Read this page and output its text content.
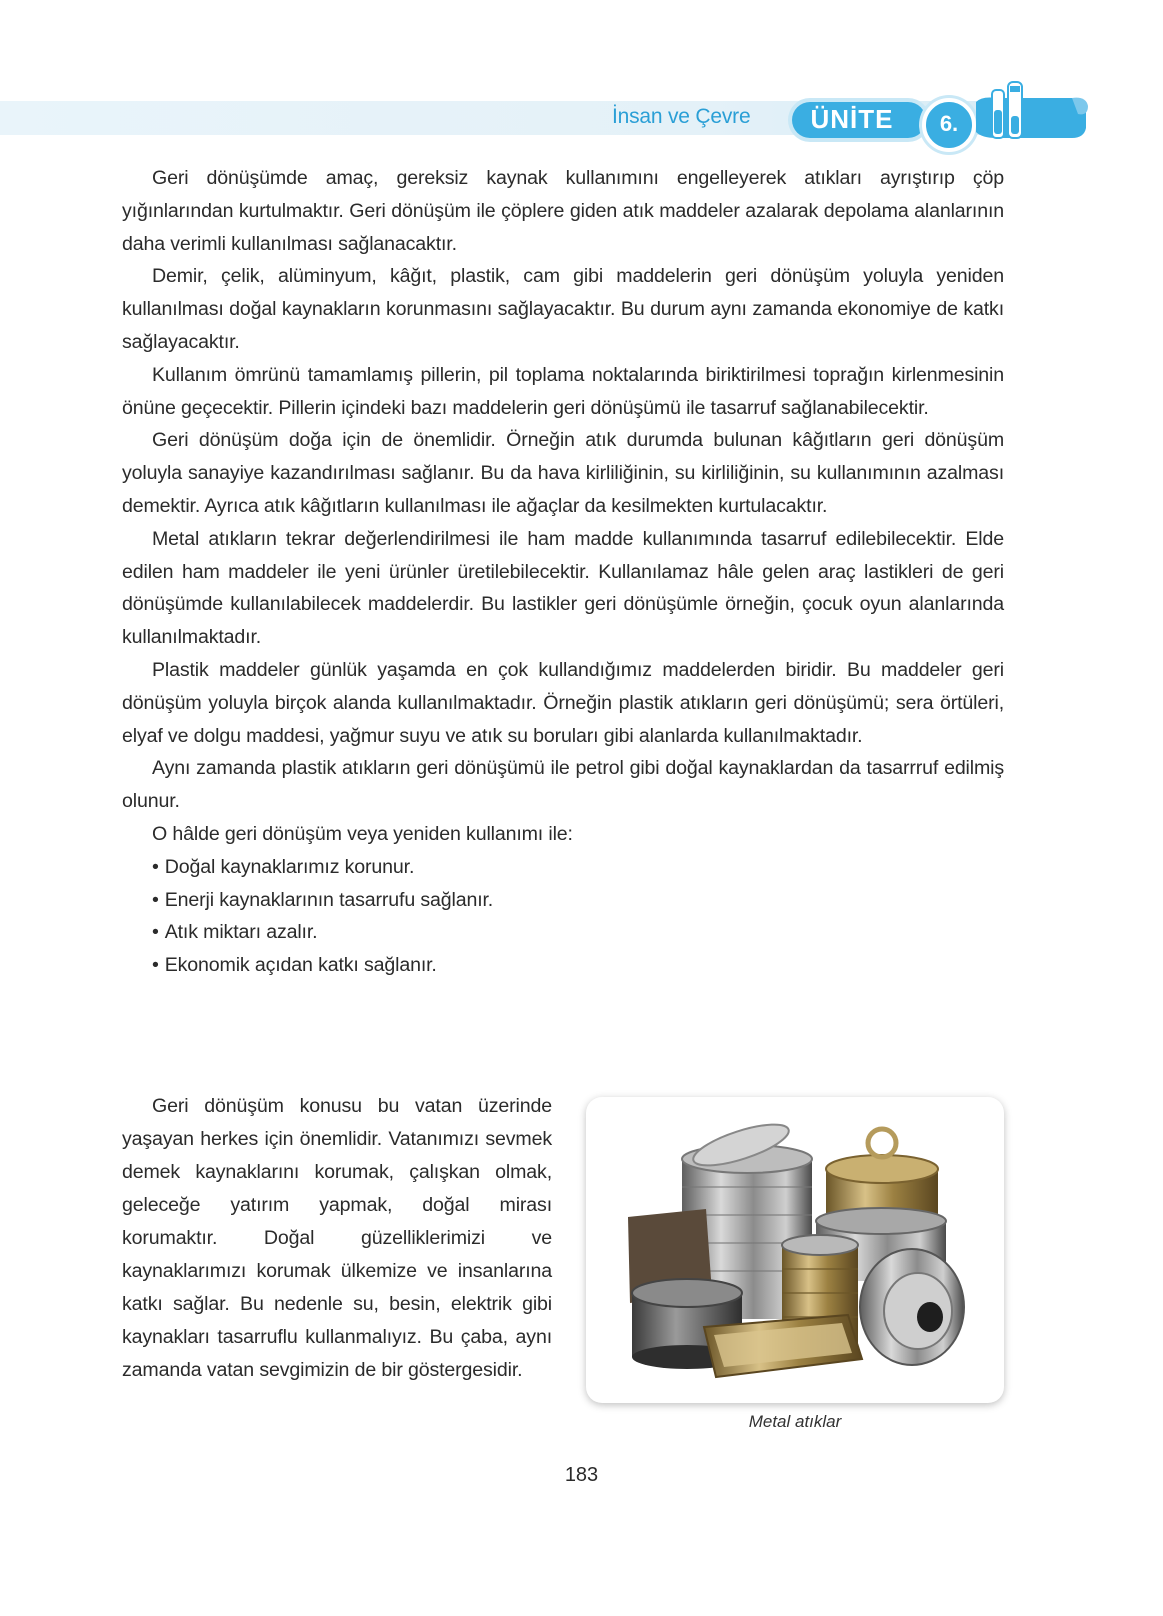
İnsan ve Çevre	ÜNİTE	6.

Geri dönüşümde amaç, gereksiz kaynak kullanımını engelleyerek atıkları ayrıştırıp çöp yığınlarından kurtulmaktır. Geri dönüşüm ile çöplere giden atık maddeler azalarak depolama alanlarının daha verimli kullanılması sağlanacaktır.

Demir, çelik, alüminyum, kâğıt, plastik, cam gibi maddelerin geri dönüşüm yoluyla yeniden kullanılması doğal kaynakların korunmasını sağlayacaktır. Bu durum aynı zamanda ekonomiye de katkı sağlayacaktır.

Kullanım ömrünü tamamlamış pillerin, pil toplama noktalarında biriktirilmesi toprağın kirlenmesinin önüne geçecektir. Pillerin içindeki bazı maddelerin geri dönüşümü ile tasarruf sağlanabilecektir.

Geri dönüşüm doğa için de önemlidir. Örneğin atık durumda bulunan kâğıtların geri dönüşüm yoluyla sanayiye kazandırılması sağlanır. Bu da hava kirliliğinin, su kirliliğinin, su kullanımının azalması demektir. Ayrıca atık kâğıtların kullanılması ile ağaçlar da kesilmekten kurtulacaktır.

Metal atıkların tekrar değerlendirilmesi ile ham madde kullanımında tasarruf edilebilecektir. Elde edilen ham maddeler ile yeni ürünler üretilebilecektir. Kullanılamaz hâle gelen araç lastikleri de geri dönüşümde kullanılabilecek maddelerdir. Bu lastikler geri dönüşümle örneğin, çocuk oyun alanlarında kullanılmaktadır.

Plastik maddeler günlük yaşamda en çok kullandığımız maddelerden biridir. Bu maddeler geri dönüşüm yoluyla birçok alanda kullanılmaktadır. Örneğin plastik atıkların geri dönüşümü; sera örtüleri, elyaf ve dolgu maddesi, yağmur suyu ve atık su boruları gibi alanlarda kullanılmaktadır.

Aynı zamanda plastik atıkların geri dönüşümü ile petrol gibi doğal kaynaklardan da tasarrruf edilmiş olunur.

O hâlde geri dönüşüm veya yeniden kullanımı ile:

• Doğal kaynaklarımız korunur.
• Enerji kaynaklarının tasarrufu sağlanır.
• Atık miktarı azalır.
• Ekonomik açıdan katkı sağlanır.

Geri dönüşüm konusu bu vatan üzerinde yaşayan herkes için önemlidir. Vatanımızı sevmek demek kaynaklarını korumak, çalışkan olmak, geleceğe yatırım yapmak, doğal mirası korumaktır. Doğal güzelliklerimizi ve kaynaklarımızı korumak ülkemize ve insanlarına katkı sağlar. Bu nedenle su, besin, elektrik gibi kaynakları tasarruflu kullanmalıyız. Bu çaba, aynı zamanda vatan sevgimizin de bir göstergesidir.

Metal atıklar
183
